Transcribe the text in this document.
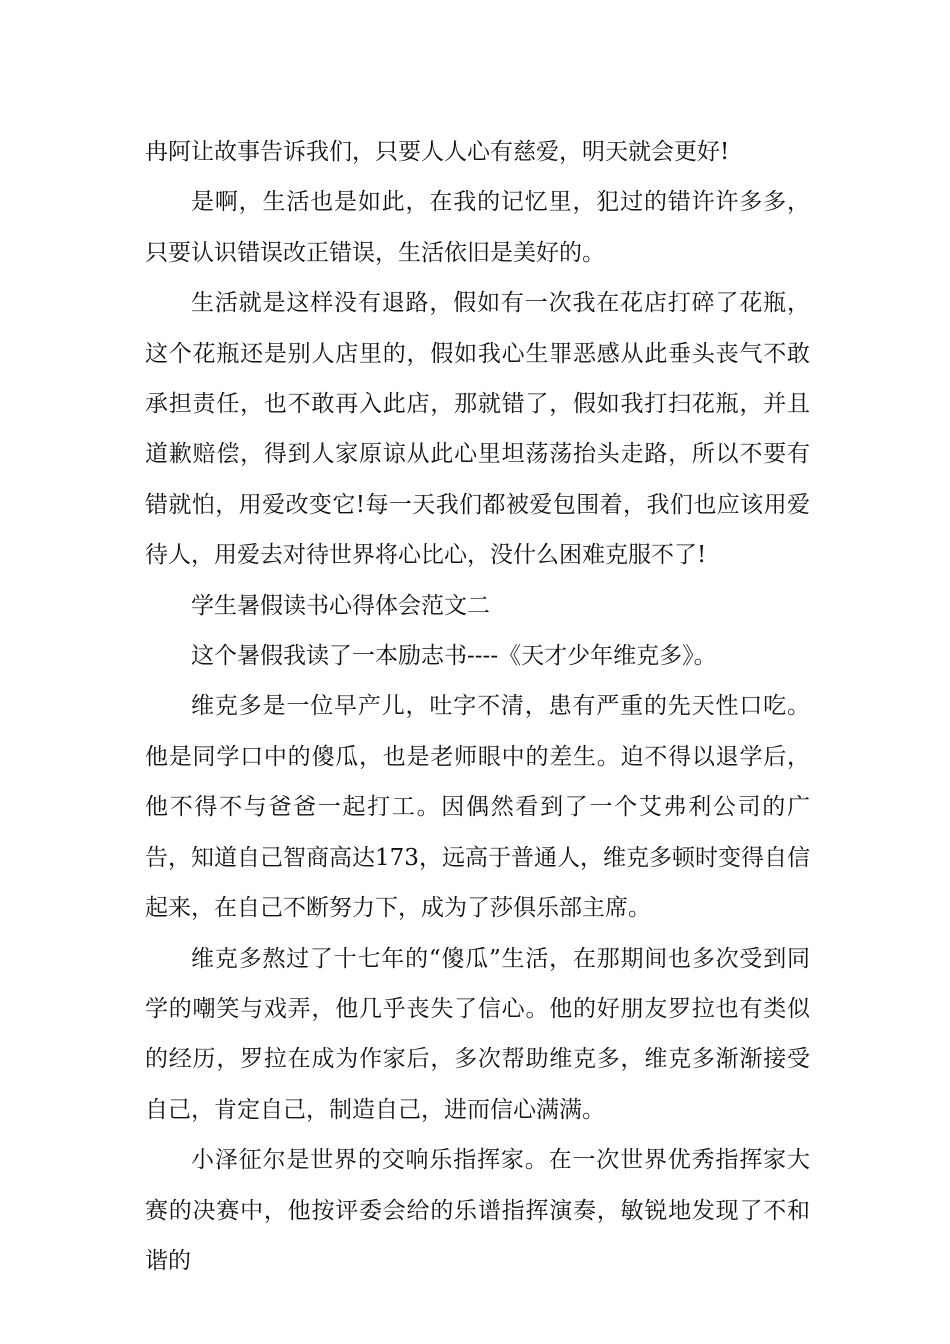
冉阿让故事告诉我们，只要人人心有慈爱，明天就会更好!

是啊，生活也是如此，在我的记忆里，犯过的错许许多多，只要认识错误改正错误，生活依旧是美好的。

生活就是这样没有退路，假如有一次我在花店打碎了花瓶，这个花瓶还是别人店里的，假如我心生罪恶感从此垂头丧气不敢承担责任，也不敢再入此店，那就错了，假如我打扫花瓶，并且道歉赔偿，得到人家原谅从此心里坦荡荡抬头走路，所以不要有错就怕，用爱改变它!每一天我们都被爱包围着，我们也应该用爱待人，用爱去对待世界将心比心，没什么困难克服不了!

学生暑假读书心得体会范文二

这个暑假我读了一本励志书----《天才少年维克多》。

维克多是一位早产儿，吐字不清，患有严重的先天性口吃。他是同学口中的傻瓜，也是老师眼中的差生。迫不得以退学后，他不得不与爸爸一起打工。因偶然看到了一个艾弗利公司的广告，知道自己智商高达173，远高于普通人，维克多顿时变得自信起来，在自己不断努力下，成为了莎俱乐部主席。

维克多熬过了十七年的“傻瓜”生活，在那期间也多次受到同学的嘲笑与戏弄，他几乎丧失了信心。他的好朋友罗拉也有类似的经历，罗拉在成为作家后，多次帮助维克多，维克多渐渐接受自己，肯定自己，制造自己，进而信心满满。

小泽征尔是世界的交响乐指挥家。在一次世界优秀指挥家大赛的决赛中，他按评委会给的乐谱指挥演奏，敏锐地发现了不和谐的
